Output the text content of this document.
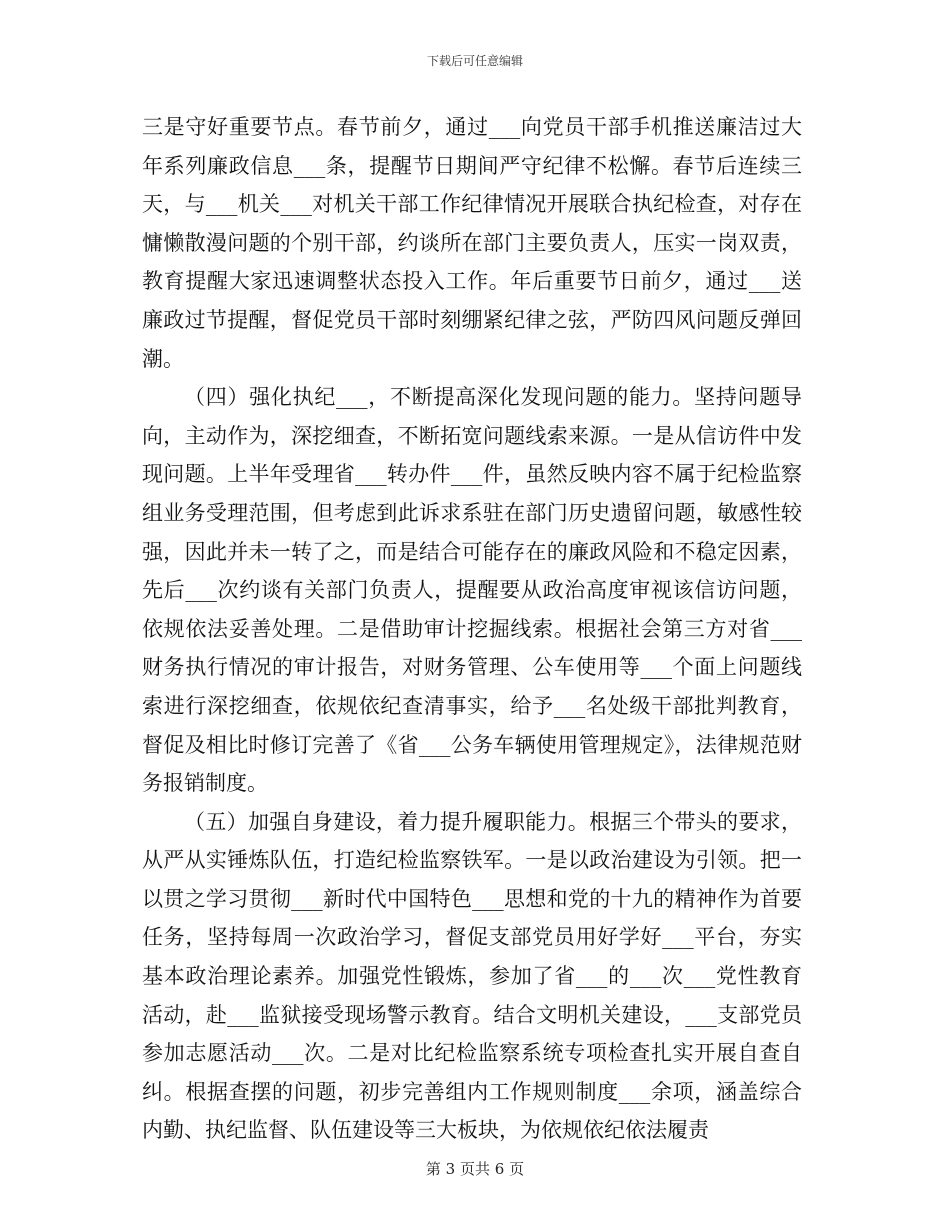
下载后可任意编辑

三是守好重要节点。春节前夕，通过___向党员干部手机推送廉洁过大年系列廉政信息___条，提醒节日期间严守纪律不松懈。春节后连续三天，与___机关___对机关干部工作纪律情况开展联合执纪检查，对存在慵懒散漫问题的个别干部，约谈所在部门主要负责人，压实一岗双责，教育提醒大家迅速调整状态投入工作。年后重要节日前夕，通过___送廉政过节提醒，督促党员干部时刻绷紧纪律之弦，严防四风问题反弹回潮。

（四）强化执纪___，不断提高深化发现问题的能力。坚持问题导向，主动作为，深挖细查，不断拓宽问题线索来源。一是从信访件中发现问题。上半年受理省___转办件___件，虽然反映内容不属于纪检监察组业务受理范围，但考虑到此诉求系驻在部门历史遗留问题，敏感性较强，因此并未一转了之，而是结合可能存在的廉政风险和不稳定因素，先后___次约谈有关部门负责人，提醒要从政治高度审视该信访问题，依规依法妥善处理。二是借助审计挖掘线索。根据社会第三方对省___财务执行情况的审计报告，对财务管理、公车使用等___个面上问题线索进行深挖细查，依规依纪查清事实，给予___名处级干部批判教育，督促及相比时修订完善了《省___公务车辆使用管理规定》，法律规范财务报销制度。

（五）加强自身建设，着力提升履职能力。根据三个带头的要求，从严从实锤炼队伍，打造纪检监察铁军。一是以政治建设为引领。把一以贯之学习贯彻___新时代中国特色___思想和党的十九的精神作为首要任务，坚持每周一次政治学习，督促支部党员用好学好___平台，夯实基本政治理论素养。加强党性锻炼，参加了省___的___次___党性教育活动，赴___监狱接受现场警示教育。结合文明机关建设，___支部党员参加志愿活动___次。二是对比纪检监察系统专项检查扎实开展自查自纠。根据查摆的问题，初步完善组内工作规则制度___余项，涵盖综合内勤、执纪监督、队伍建设等三大板块，为依规依纪依法履责

第 3 页共 6 页
